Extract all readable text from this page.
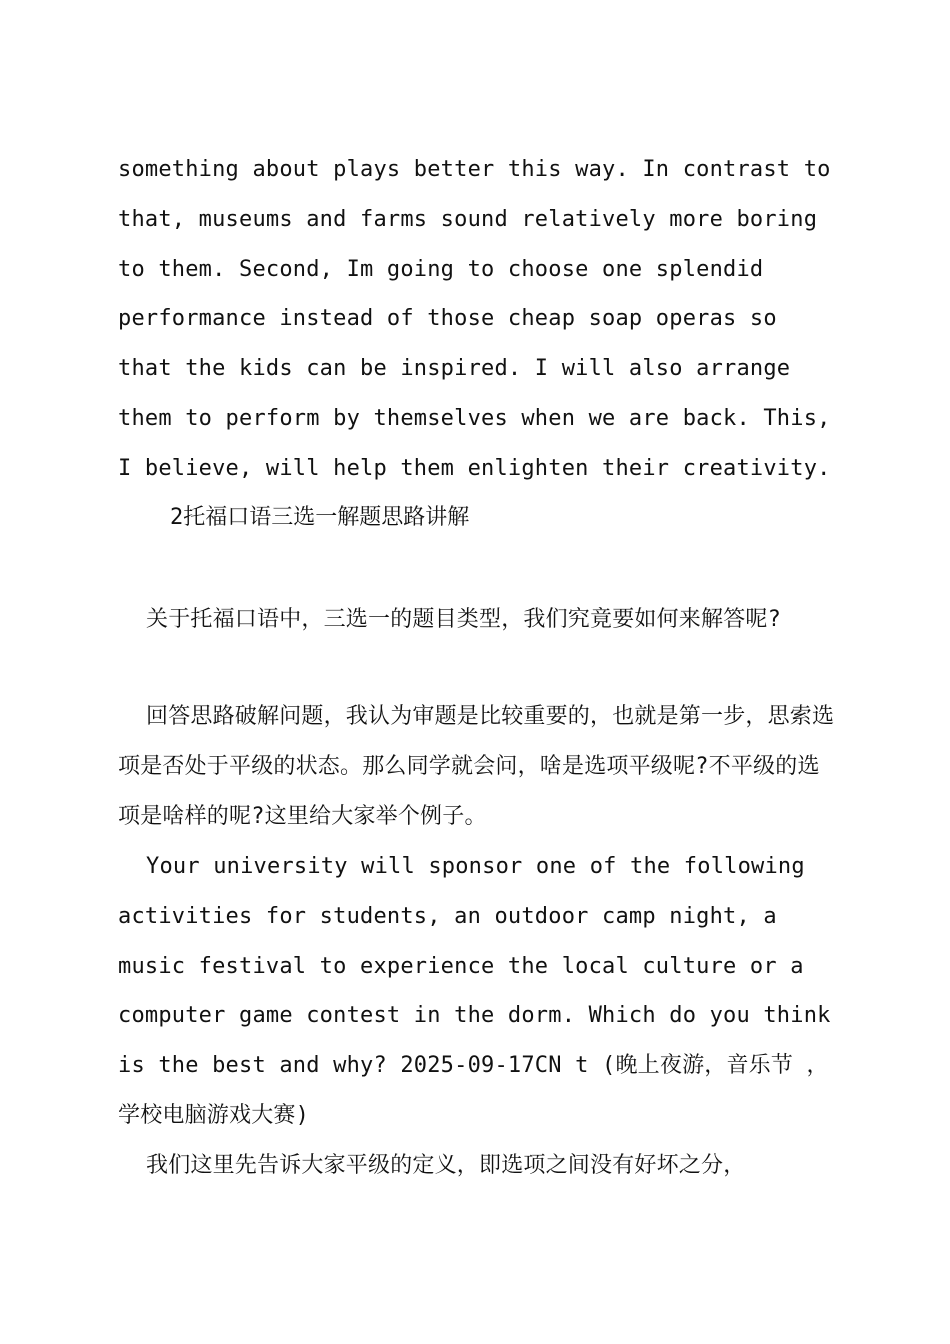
something about plays better this way. In contrast to that, museums and farms sound relatively more boring to them. Second, Im going to choose one splendid performance instead of those cheap soap operas so that the kids can be inspired. I will also arrange them to perform by themselves when we are back. This, I believe, will help them enlighten their creativity.
2托福口语三选一解题思路讲解
关于托福口语中，三选一的题目类型，我们究竟要如何来解答呢?
回答思路破解问题，我认为审题是比较重要的，也就是第一步，思索选项是否处于平级的状态。那么同学就会问，啥是选项平级呢?不平级的选项是啥样的呢?这里给大家举个例子。
Your university will sponsor one of the following activities for students, an outdoor camp night, a music festival to experience the local culture or a computer game contest in the dorm. Which do you think is the best and why? 2025-09-17CN t (晚上夜游，音乐节 ，学校电脑游戏大赛)
我们这里先告诉大家平级的定义，即选项之间没有好坏之分，
